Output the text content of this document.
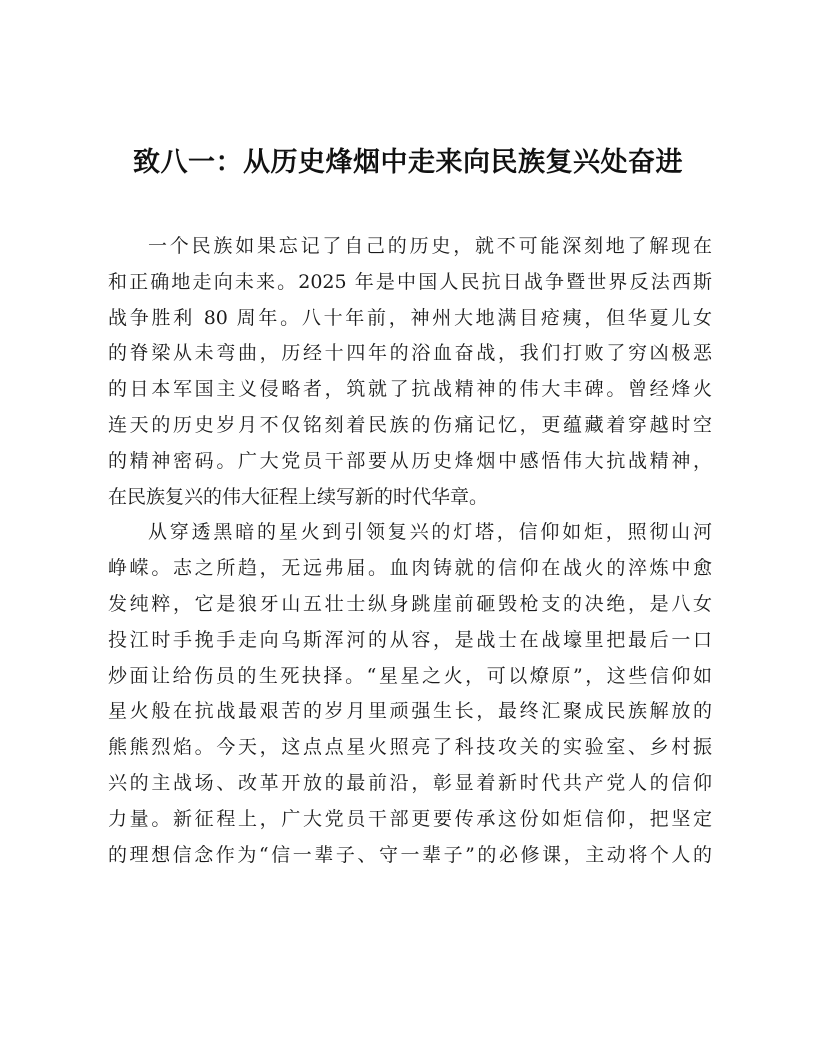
致八一：从历史烽烟中走来向民族复兴处奋进
一个民族如果忘记了自己的历史，就不可能深刻地了解现在
和正确地走向未来。2025 年是中国人民抗日战争暨世界反法西斯
战争胜利 80 周年。八十年前，神州大地满目疮痍，但华夏儿女
的脊梁从未弯曲，历经十四年的浴血奋战，我们打败了穷凶极恶
的日本军国主义侵略者，筑就了抗战精神的伟大丰碑。曾经烽火
连天的历史岁月不仅铭刻着民族的伤痛记忆，更蕴藏着穿越时空
的精神密码。广大党员干部要从历史烽烟中感悟伟大抗战精神，
在民族复兴的伟大征程上续写新的时代华章。
从穿透黑暗的星火到引领复兴的灯塔，信仰如炬，照彻山河
峥嵘。志之所趋，无远弗届。血肉铸就的信仰在战火的淬炼中愈
发纯粹，它是狼牙山五壮士纵身跳崖前砸毁枪支的决绝，是八女
投江时手挽手走向乌斯浑河的从容，是战士在战壕里把最后一口
炒面让给伤员的生死抉择。“星星之火，可以燎原”，这些信仰如
星火般在抗战最艰苦的岁月里顽强生长，最终汇聚成民族解放的
熊熊烈焰。今天，这点点星火照亮了科技攻关的实验室、乡村振
兴的主战场、改革开放的最前沿，彰显着新时代共产党人的信仰
力量。新征程上，广大党员干部更要传承这份如炬信仰，把坚定
的理想信念作为“信一辈子、守一辈子”的必修课，主动将个人的
